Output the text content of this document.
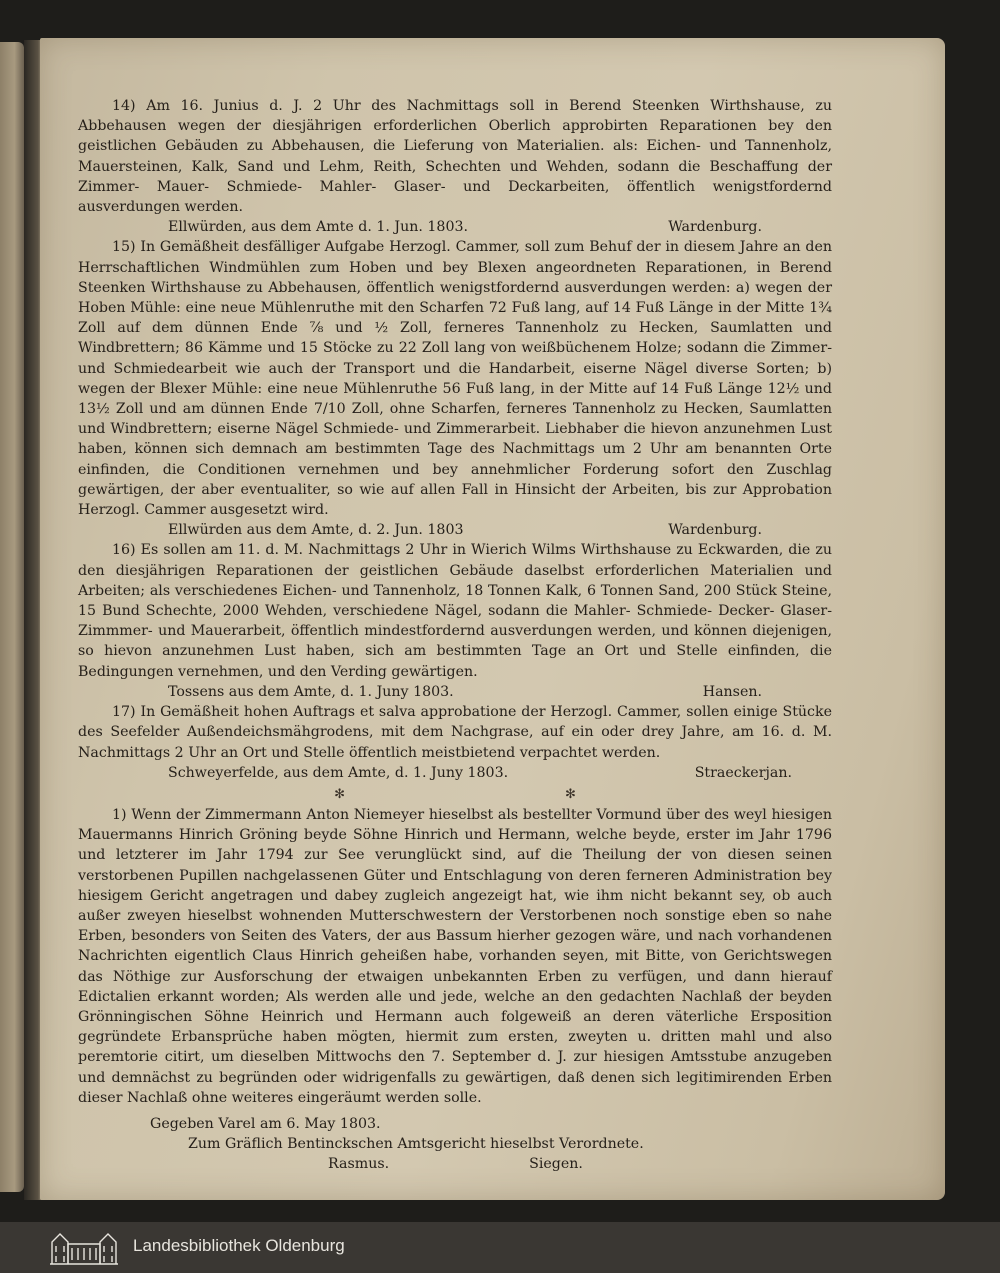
14) Am 16. Junius d. J. 2 Uhr des Nachmittags soll in Berend Steenken Wirthshause, zu Abbehausen wegen der diesjährigen erforderlichen Oberlich approbirten Reparationen bey den geistlichen Gebäuden zu Abbehausen, die Lieferung von Materialien. als: Eichen- und Tannenholz, Mauersteinen, Kalk, Sand und Lehm, Reith, Schechten und Wehden, sodann die Beschaffung der Zimmer- Mauer- Schmiede- Mahler- Glaser- und Deckarbeiten, öffentlich wenigstfordernd ausverdungen werden.

Ellwürden, aus dem Amte d. 1. Jun. 1803.	Wardenburg.

15) In Gemäßheit desfälliger Aufgabe Herzogl. Cammer, soll zum Behuf der in diesem Jahre an den Herrschaftlichen Windmühlen zum Hoben und bey Blexen angeordneten Reparationen, in Berend Steenken Wirthshause zu Abbehausen, öffentlich wenigstfordernd ausverdungen werden: a) wegen der Hoben Mühle: eine neue Mühlenruthe mit den Scharfen 72 Fuß lang, auf 14 Fuß Länge in der Mitte 1¾ Zoll auf dem dünnen Ende ⅞ und ½ Zoll, ferneres Tannenholz zu Hecken, Saumlatten und Windbrettern; 86 Kämme und 15 Stöcke zu 22 Zoll lang von weißbüchenem Holze; sodann die Zimmer- und Schmiedearbeit wie auch der Transport und die Handarbeit, eiserne Nägel diverse Sorten; b) wegen der Blexer Mühle: eine neue Mühlenruthe 56 Fuß lang, in der Mitte auf 14 Fuß Länge 12½ und 13½ Zoll und am dünnen Ende 7/10 Zoll, ohne Scharfen, ferneres Tannenholz zu Hecken, Saumlatten und Windbrettern; eiserne Nägel Schmiede- und Zimmerarbeit. Liebhaber die hievon anzunehmen Lust haben, können sich demnach am bestimmten Tage des Nachmittags um 2 Uhr am benannten Orte einfinden, die Conditionen vernehmen und bey annehmlicher Forderung sofort den Zuschlag gewärtigen, der aber eventualiter, so wie auf allen Fall in Hinsicht der Arbeiten, bis zur Approbation Herzogl. Cammer ausgesetzt wird.

Ellwürden aus dem Amte, d. 2. Jun. 1803	Wardenburg.

16) Es sollen am 11. d. M. Nachmittags 2 Uhr in Wierich Wilms Wirthshause zu Eckwarden, die zu den diesjährigen Reparationen der geistlichen Gebäude daselbst erforderlichen Materialien und Arbeiten; als verschiedenes Eichen- und Tannenholz, 18 Tonnen Kalk, 6 Tonnen Sand, 200 Stück Steine, 15 Bund Schechte, 2000 Wehden, verschiedene Nägel, sodann die Mahler- Schmiede- Decker- Glaser- Zimmmer- und Mauerarbeit, öffentlich mindestfordernd ausverdungen werden, und können diejenigen, so hievon anzunehmen Lust haben, sich am bestimmten Tage an Ort und Stelle einfinden, die Bedingungen vernehmen, und den Verding gewärtigen.

Tossens aus dem Amte, d. 1. Juny 1803.	Hansen.

17) In Gemäßheit hohen Auftrags et salva approbatione der Herzogl. Cammer, sollen einige Stücke des Seefelder Außendeichsmähgrodens, mit dem Nachgrase, auf ein oder drey Jahre, am 16. d. M. Nachmittags 2 Uhr an Ort und Stelle öffentlich meistbietend verpachtet werden.

Schweyerfelde, aus dem Amte, d. 1. Juny 1803.	Straeckerjan.
✻	✻

1) Wenn der Zimmermann Anton Niemeyer hieselbst als bestellter Vormund über des weyl hiesigen Mauermanns Hinrich Gröning beyde Söhne Hinrich und Hermann, welche beyde, erster im Jahr 1796 und letzterer im Jahr 1794 zur See verunglückt sind, auf die Theilung der von diesen seinen verstorbenen Pupillen nachgelassenen Güter und Entschlagung von deren ferneren Administration bey hiesigem Gericht angetragen und dabey zugleich angezeigt hat, wie ihm nicht bekannt sey, ob auch außer zweyen hieselbst wohnenden Mutterschwestern der Verstorbenen noch sonstige eben so nahe Erben, besonders von Seiten des Vaters, der aus Bassum hierher gezogen wäre, und nach vorhandenen Nachrichten eigentlich Claus Hinrich geheißen habe, vorhanden seyen, mit Bitte, von Gerichtswegen das Nöthige zur Ausforschung der etwaigen unbekannten Erben zu verfügen, und dann hierauf Edictalien erkannt worden; Als werden alle und jede, welche an den gedachten Nachlaß der beyden Grönningischen Söhne Heinrich und Hermann auch folgeweiß an deren väterliche Ersposition gegründete Erbansprüche haben mögten, hiermit zum ersten, zweyten u. dritten mahl und also peremtorie citirt, um dieselben Mittwochs den 7. September d. J. zur hiesigen Amtsstube anzugeben und demnächst zu begründen oder widrigenfalls zu gewärtigen, daß denen sich legitimirenden Erben dieser Nachlaß ohne weiteres eingeräumt werden solle.

Gegeben Varel am 6. May 1803.
Zum Gräflich Bentinckschen Amtsgericht hieselbst Verordnete.
Rasmus.	Siegen.
Landesbibliothek Oldenburg
